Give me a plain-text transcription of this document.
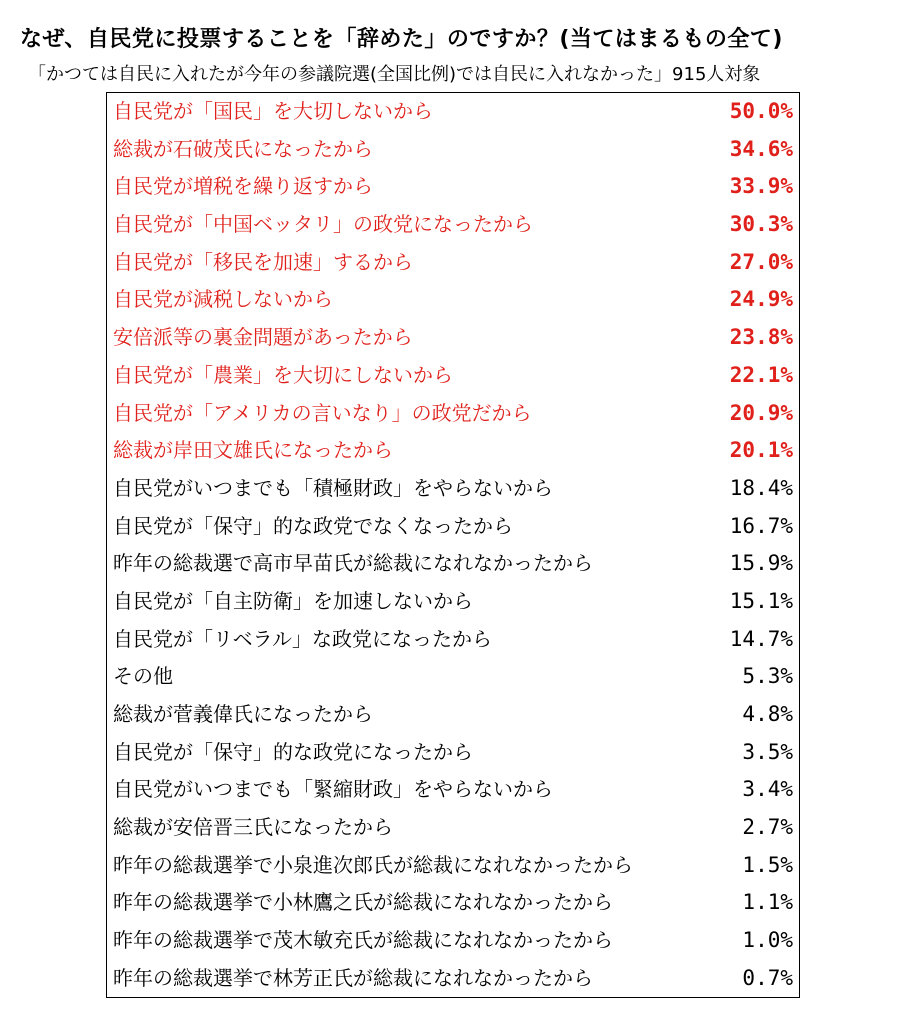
なぜ、自民党に投票することを「辞めた」のですか？(当てはまるもの全て)
「かつては自民に入れたが今年の参議院選(全国比例)では自民に入れなかった」915人対象
自民党が「国民」を大切しないから	50.0%
総裁が石破茂氏になったから	34.6%
自民党が増税を繰り返すから	33.9%
自民党が「中国ベッタリ」の政党になったから	30.3%
自民党が「移民を加速」するから	27.0%
自民党が減税しないから	24.9%
安倍派等の裏金問題があったから	23.8%
自民党が「農業」を大切にしないから	22.1%
自民党が「アメリカの言いなり」の政党だから	20.9%
総裁が岸田文雄氏になったから	20.1%
自民党がいつまでも「積極財政」をやらないから	18.4%
自民党が「保守」的な政党でなくなったから	16.7%
昨年の総裁選で高市早苗氏が総裁になれなかったから	15.9%
自民党が「自主防衛」を加速しないから	15.1%
自民党が「リベラル」な政党になったから	14.7%
その他	5.3%
総裁が菅義偉氏になったから	4.8%
自民党が「保守」的な政党になったから	3.5%
自民党がいつまでも「緊縮財政」をやらないから	3.4%
総裁が安倍晋三氏になったから	2.7%
昨年の総裁選挙で小泉進次郎氏が総裁になれなかったから	1.5%
昨年の総裁選挙で小林鷹之氏が総裁になれなかったから	1.1%
昨年の総裁選挙で茂木敏充氏が総裁になれなかったから	1.0%
昨年の総裁選挙で林芳正氏が総裁になれなかったから	0.7%
